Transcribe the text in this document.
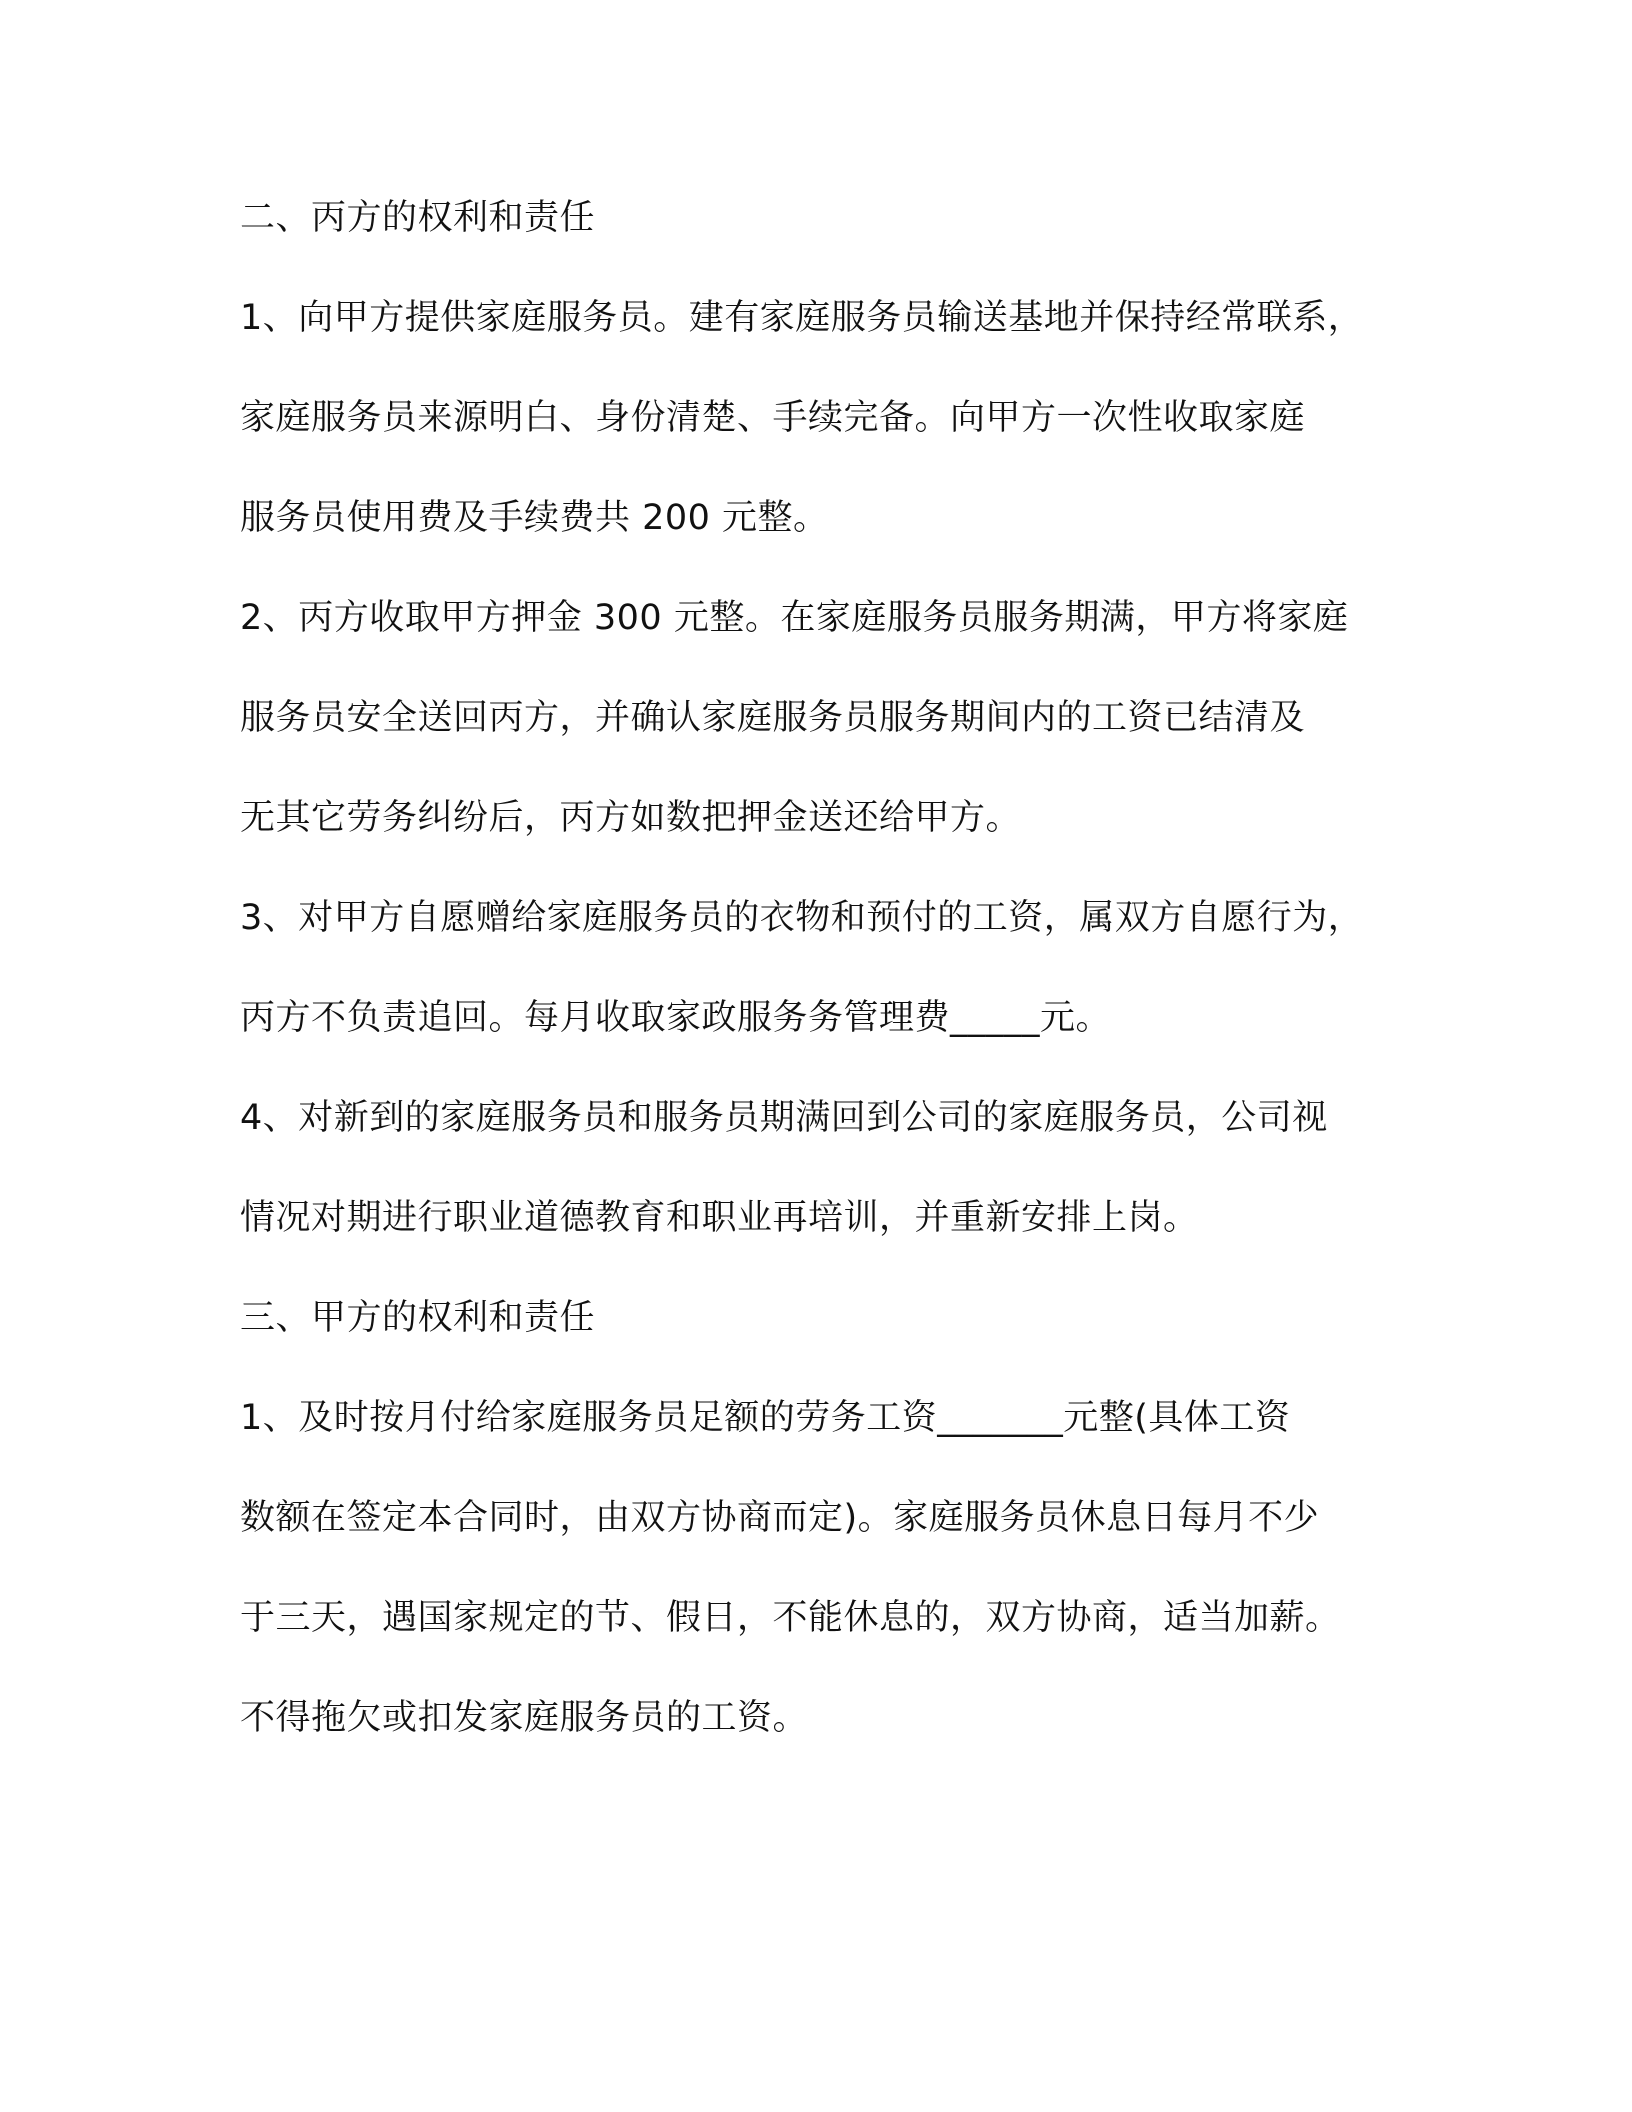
二、丙方的权利和责任
1、向甲方提供家庭服务员。建有家庭服务员输送基地并保持经常联系，
家庭服务员来源明白、身份清楚、手续完备。向甲方一次性收取家庭
服务员使用费及手续费共 200 元整。
2、丙方收取甲方押金 300 元整。在家庭服务员服务期满，甲方将家庭
服务员安全送回丙方，并确认家庭服务员服务期间内的工资已结清及
无其它劳务纠纷后，丙方如数把押金送还给甲方。
3、对甲方自愿赠给家庭服务员的衣物和预付的工资，属双方自愿行为，
丙方不负责追回。每月收取家政服务务管理费_____元。
4、对新到的家庭服务员和服务员期满回到公司的家庭服务员，公司视
情况对期进行职业道德教育和职业再培训，并重新安排上岗。
三、甲方的权利和责任
1、及时按月付给家庭服务员足额的劳务工资_______元整(具体工资
数额在签定本合同时，由双方协商而定)。家庭服务员休息日每月不少
于三天，遇国家规定的节、假日，不能休息的，双方协商，适当加薪。
不得拖欠或扣发家庭服务员的工资。
